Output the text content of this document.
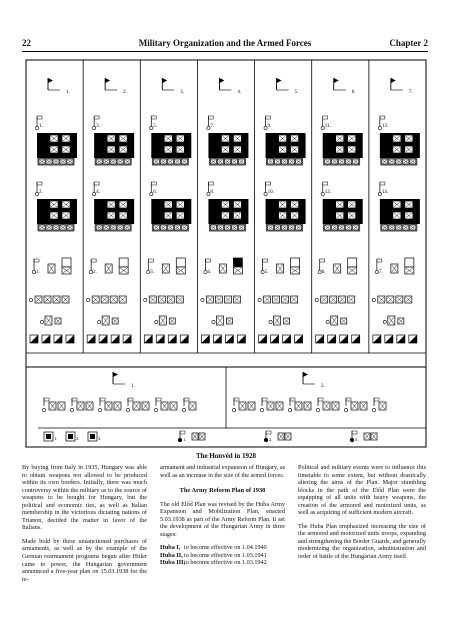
22	Military Organization and the Armed Forces	Chapter 2
1.
1.
2.
1.
2.
3.
4.
2.
3.
5.
6.
3.
4.
7.
8.
4.
5.
9.
10.
5.
6.
11.
12.
6.
7.
13.
14.
7.
1.	2.
1.	2.	3.	1.	2.	3.
The Honvéd in 1928

By buying from Italy in 1935, Hungary was able to obtain weapons not allowed to be produced within its own borders. Initially, there was much controversy within the military as to the source of weapons to be bought for Hungary, but the political and economic ties, as well as Italian membership in the victorious dictating nations of Trianon, decided the matter in favor of the Italians.

Made bold by these unsanctioned purchases of armaments, as well as by the example of the German rearmament programs begun after Hitler came to power, the Hungarian government announced a five-year plan on 15.03.1938 for the re-

armament and industrial expansion of Hungary, as well as an increase in the size of the armed forces.

The Army Reform Plan of 1938

The old Előd Plan was revised by the Huba Army Expansion and Mobilization Plan, enacted 5.03.1938 as part of the Army Reform Plan. It set the development of the Hungarian Army in three stages:

Huba I, to become effective on 1.04.1940
Huba II,to become effective on 1.03.1941
Huba III,to become effective on 1.03.1942

Political and military events were to influence this timetable to some extent, but without drastically altering the aims of the Plan. Major stumbling blocks in the path of the Előd Plan were the equipping of all units with heavy weapons, the creation of the armored and motorized units, as well as acquiring of sufficient modern aircraft.

The Huba Plan emphasized increasing the size of the armored and motorized units troops, expanding and strengthening the Border Guards, and generally modernizing the organization, administration and order of battle of the Hungarian Army itself.
